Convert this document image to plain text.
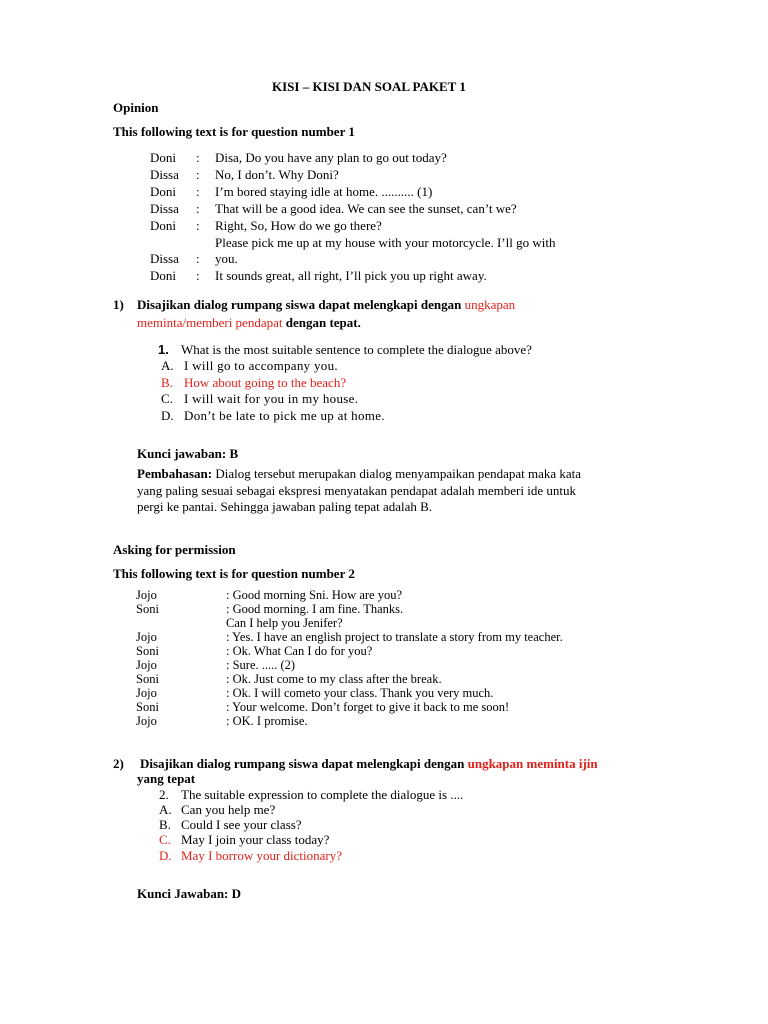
KISI – KISI DAN SOAL PAKET 1
Opinion
This following text is for question number 1
Doni : Disa, Do you have any plan to go out today?
Dissa : No, I don’t. Why Doni?
Doni : I’m bored staying idle at home. .......... (1)
Dissa : That will be a good idea. We can see the sunset, can’t we?
Doni : Right, So, How do we go there?
Please pick me up at my house with your motorcycle. I’ll go with
Dissa : you.
Doni : It sounds great, all right, I’ll pick you up right away.
1) Disajikan dialog rumpang siswa dapat melengkapi dengan ungkapan
meminta/memberi pendapat dengan tepat.
1. What is the most suitable sentence to complete the dialogue above?
A. I will go to accompany you.
B. How about going to the beach?
C. I will wait for you in my house.
D. Don’t be late to pick me up at home.
Kunci jawaban: B
Pembahasan: Dialog tersebut merupakan dialog menyampaikan pendapat maka kata
yang paling sesuai sebagai ekspresi menyatakan pendapat adalah memberi ide untuk
pergi ke pantai. Sehingga jawaban paling tepat adalah B.
Asking for permission
This following text is for question number 2
Jojo	: Good morning Sni. How are you?
Soni	: Good morning. I am fine. Thanks.
Can I help you Jenifer?
Jojo	: Yes. I have an english project to translate a story from my teacher.
Soni	: Ok. What Can I do for you?
Jojo	: Sure. ..... (2)
Soni	: Ok. Just come to my class after the break.
Jojo	: Ok. I will cometo your class. Thank you very much.
Soni	: Your welcome. Don’t forget to give it back to me soon!
Jojo	: OK. I promise.
2) Disajikan dialog rumpang siswa dapat melengkapi dengan ungkapan meminta ijin
yang tepat
2. The suitable expression to complete the dialogue is ....
A. Can you help me?
B. Could I see your class?
C. May I join your class today?
D. May I borrow your dictionary?
Kunci Jawaban: D
